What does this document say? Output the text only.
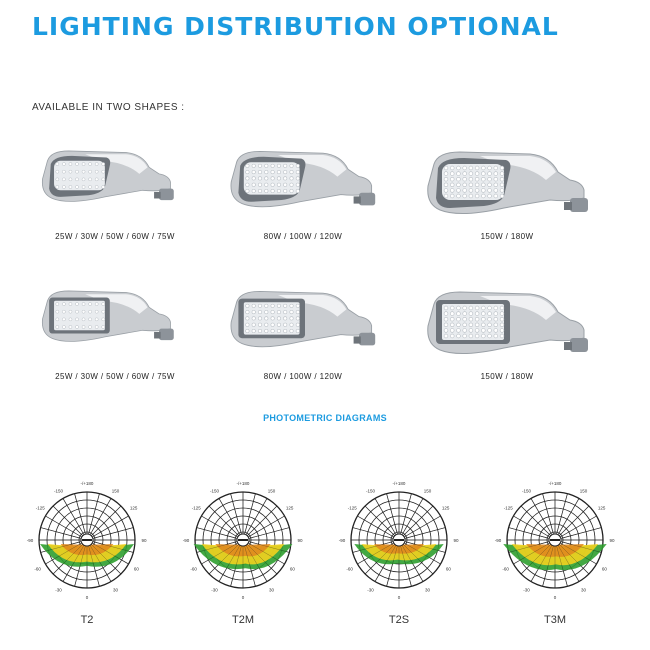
LIGHTING DISTRIBUTION OPTIONAL
AVAILABLE IN TWO SHAPES :
25W / 30W / 50W / 60W / 75W	80W / 100W / 120W	150W / 180W
25W / 30W / 50W / 60W / 75W	80W / 100W / 120W	150W / 180W
PHOTOMETRIC DIAGRAMS
-/+180
150
125
90
60
30
0
-30
-60
-90
-125
-150
T2
-/+180
150
125
90
60
30
0
-30
-60
-90
-125
-150
T2M
-/+180
150
125
90
60
30
0
-30
-60
-90
-125
-150
T2S
-/+180
150
125
90
60
30
0
-30
-60
-90
-125
-150
T3M
